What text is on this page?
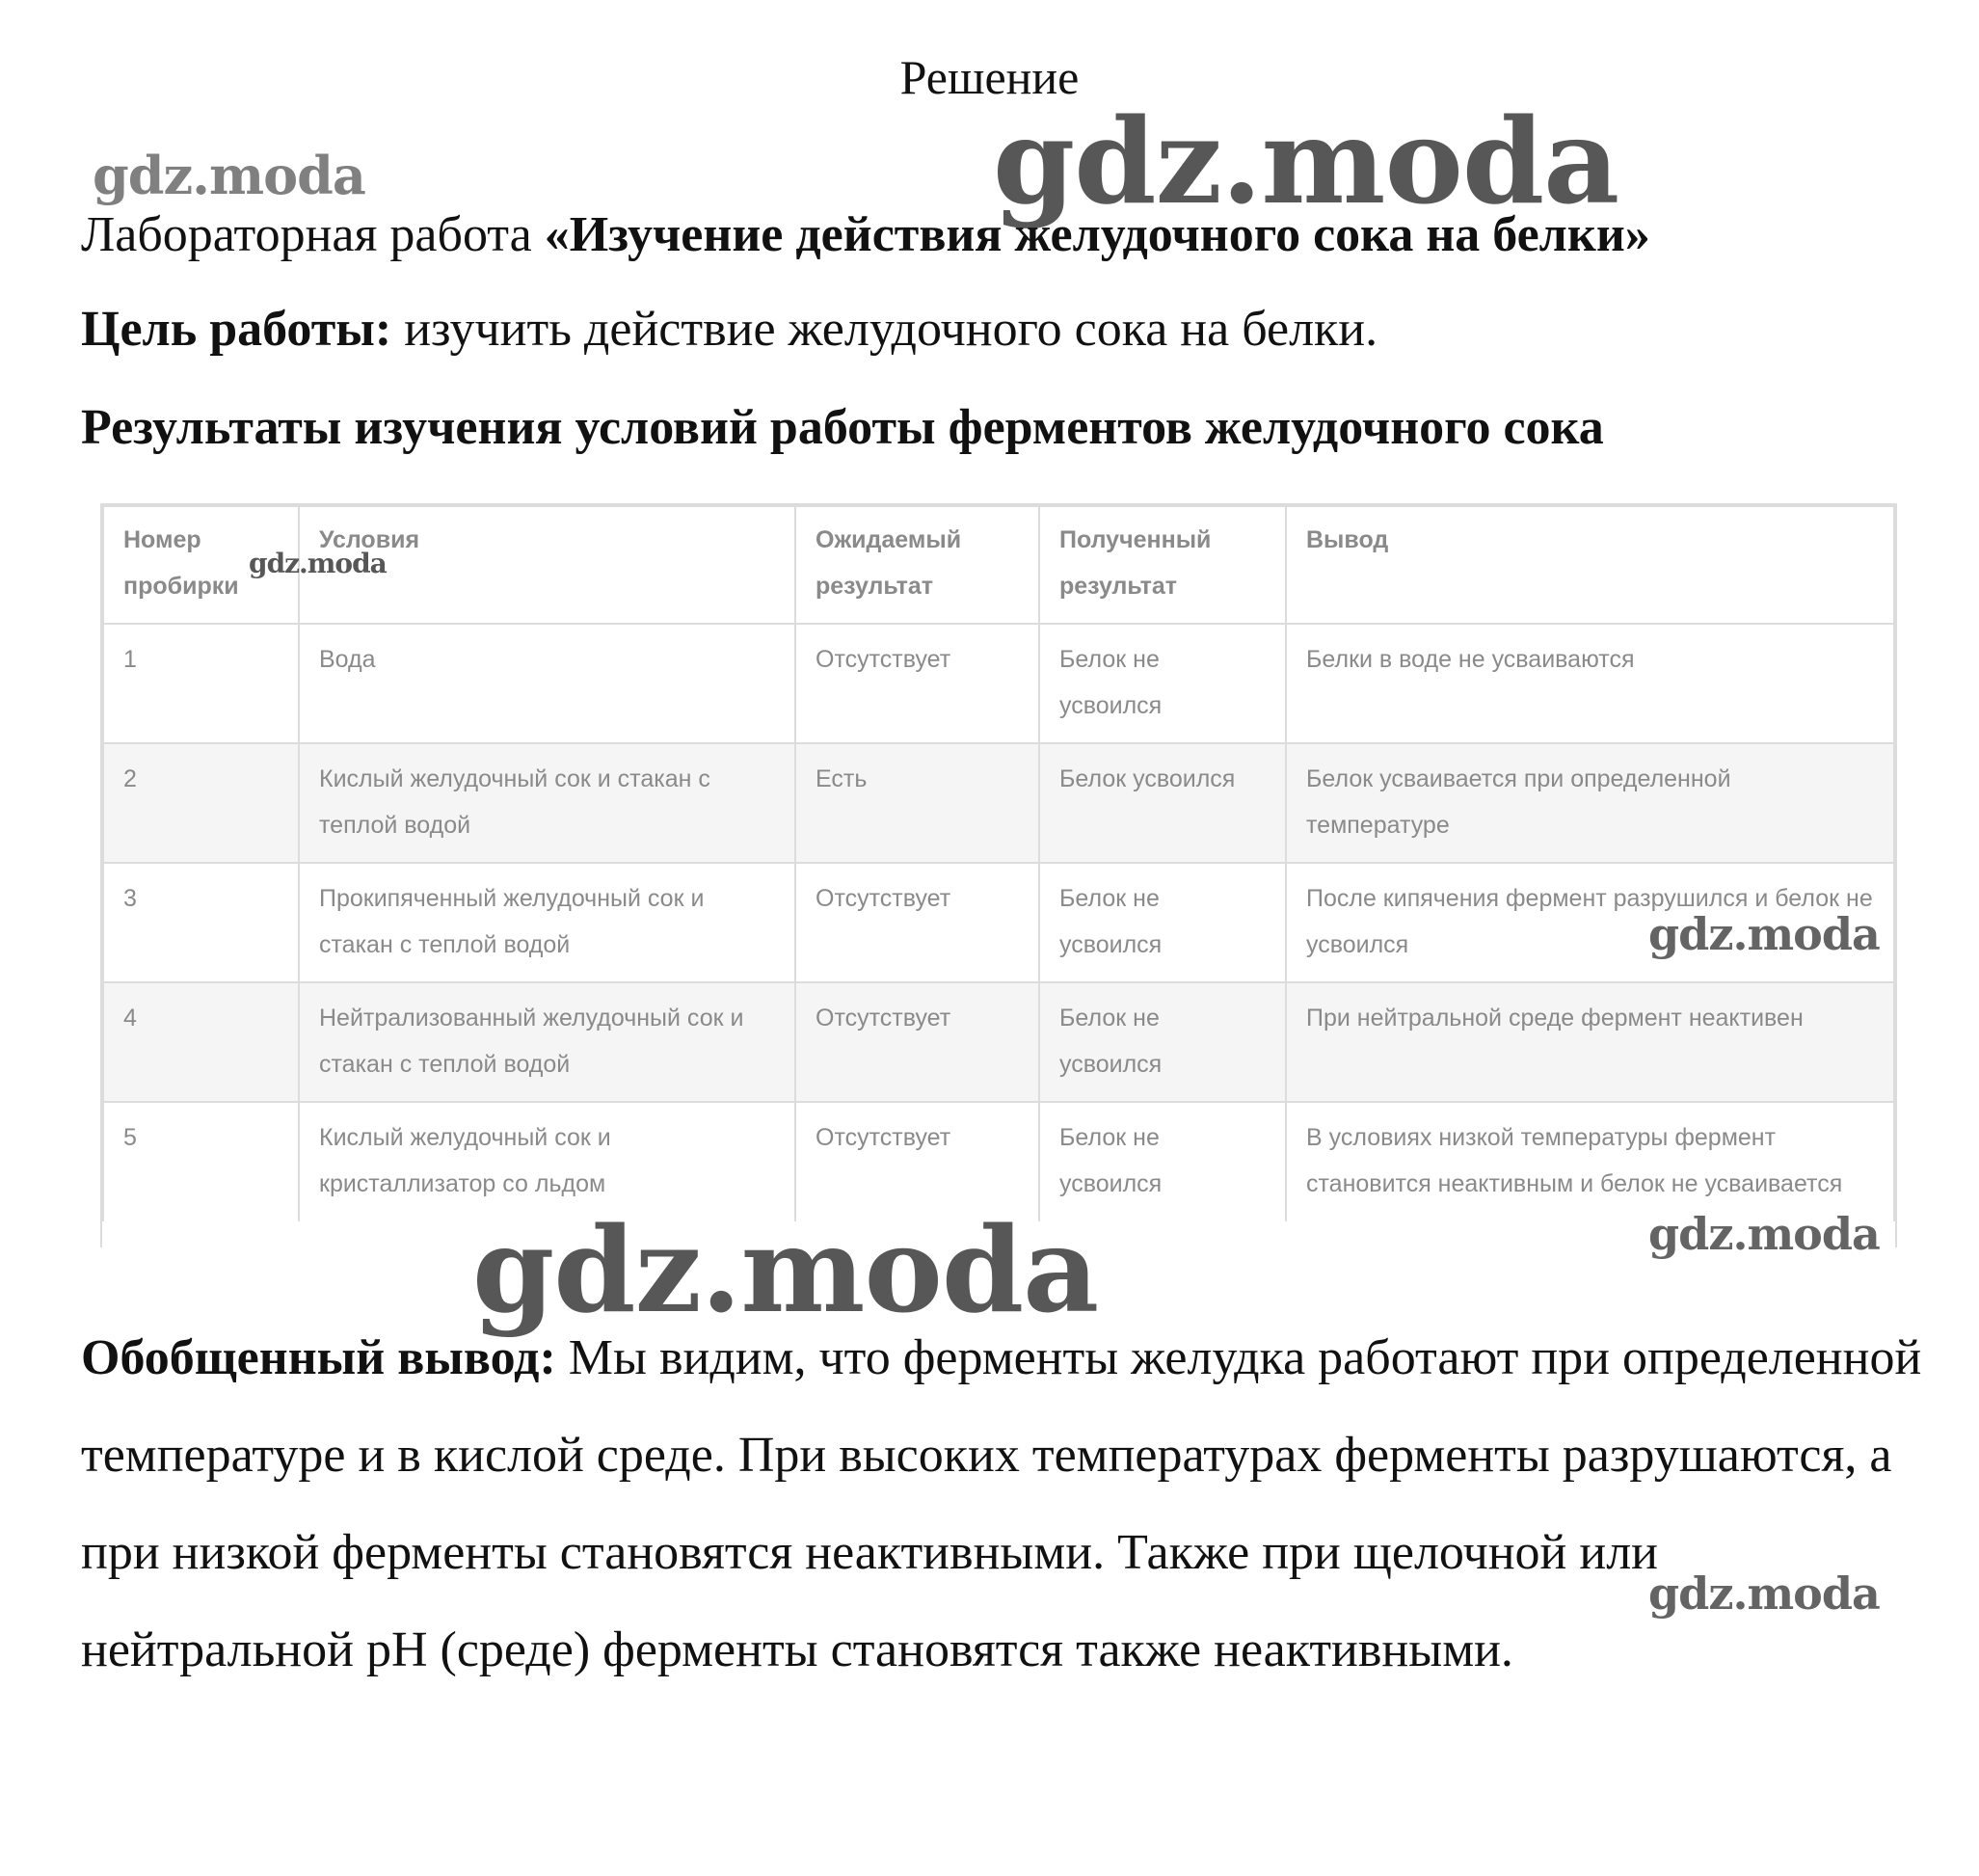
Решение
gdz.moda
gdz.moda
Лабораторная работа «Изучение действия желудочного сока на белки»
Цель работы: изучить действие желудочного сока на белки.
Результаты изучения условий работы ферментов желудочного сока
Номер пробирки	Условия	Ожидаемый результат	Полученный результат	Вывод
1	Вода	Отсутствует	Белок не усвоился	Белки в воде не усваиваются
2	Кислый желудочный сок и стакан с теплой водой	Есть	Белок усвоился	Белок усваивается при определенной температуре
3	Прокипяченный желудочный сок и стакан с теплой водой	Отсутствует	Белок не усвоился	После кипячения фермент разрушился и белок не усвоился
4	Нейтрализованный желудочный сок и стакан с теплой водой	Отсутствует	Белок не усвоился	При нейтральной среде фермент неактивен
5	Кислый желудочный сок и кристаллизатор со льдом	Отсутствует	Белок не усвоился	В условиях низкой температуры фермент становится неактивным и белок не усваивается
gdz.moda
gdz.moda
gdz.moda
gdz.moda
Обобщенный вывод: Мы видим, что ферменты желудка работают при определенной температуре и в кислой среде. При высоких температурах ферменты разрушаются, а при низкой ферменты становятся неактивными. Также при щелочной или нейтральной pH (среде) ферменты становятся также неактивными.
gdz.moda
